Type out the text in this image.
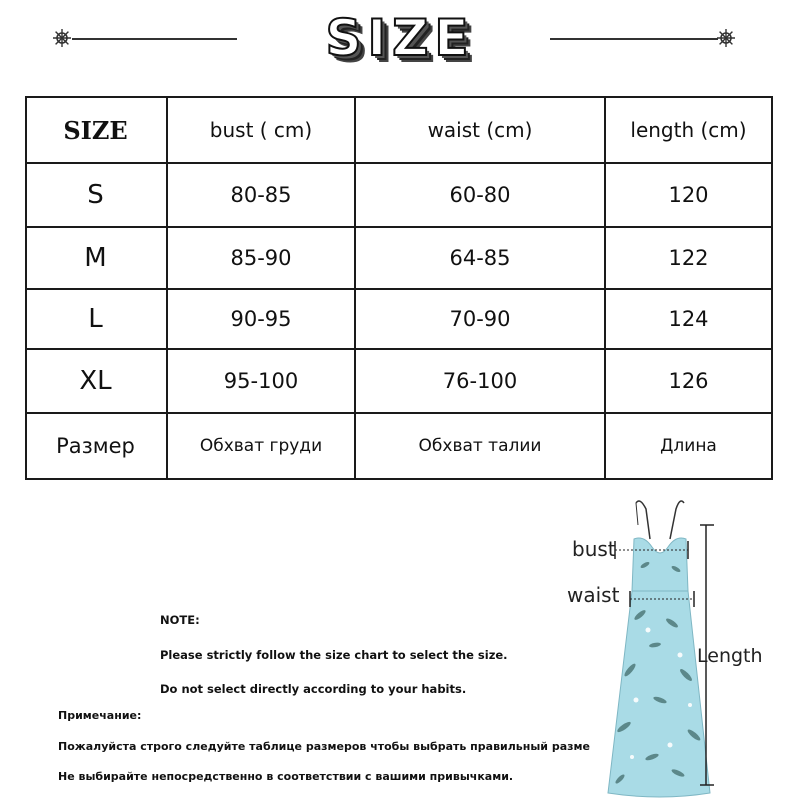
SIZE
SIZE	bust ( cm)	waist (cm)	length (cm)
S	80-85	60-80	120
M	85-90	64-85	122
L	90-95	70-90	124
XL	95-100	76-100	126
Размер	Обхват груди	Обхват талии	Длина
NOTE:
Please strictly follow the size chart to select the size.
Do not select directly according to your habits.
Примечание:
Пожалуйста строго следуйте таблице размеров чтобы выбрать правильный разме
Не выбирайте непосредственно в соответствии с вашими привычками.
bust
waist
Length
